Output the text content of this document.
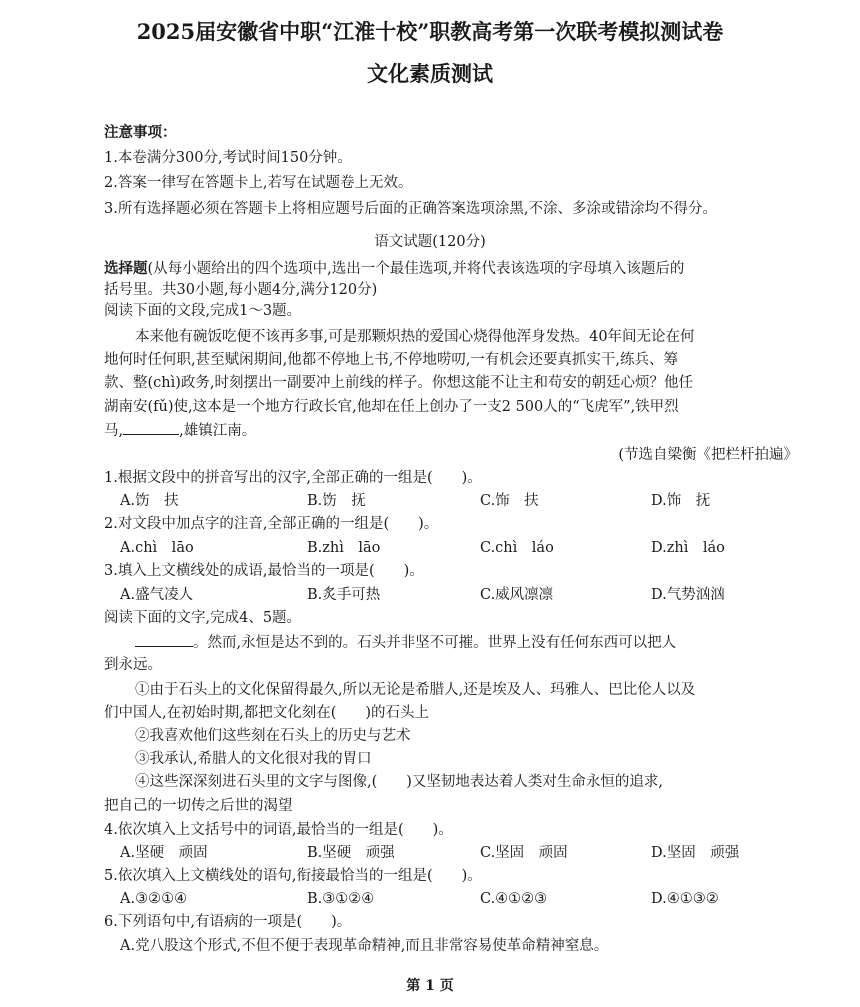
2025届安徽省中职“江淮十校”职教高考第一次联考模拟测试卷
文化素质测试
注意事项：
1.本卷满分300分,考试时间150分钟。
2.答案一律写在答题卡上,若写在试题卷上无效。
3.所有选择题必须在答题卡上将相应题号后面的正确答案选项涂黑,不涂、多涂或错涂均不得分。
语文试题(120分)
选择题(从每小题给出的四个选项中,选出一个最佳选项,并将代表该选项的字母填入该题后的
括号里。共30小题,每小题4分,满分120分)
阅读下面的文段,完成1～3题。
本来他有碗饭吃便不该再多事,可是那颗炽热的爱国心烧得他浑身发热。40年间无论在何
地何时任何职,甚至赋闲期间,他都不停地上书,不停地唠叨,一有机会还要真抓实干,练兵、筹
款、整(chì)政务,时刻摆出一副要冲上前线的样子。你想这能不让主和苟安的朝廷心烦？他任
湖南安(fǔ)使,这本是一个地方行政长官,他却在任上创办了一支2 500人的“飞虎军”,铁甲烈
马,	,雄镇江南。
(节选自梁衡《把栏杆拍遍》
1.根据文段中的拼音写出的汉字,全部正确的一组是(　　)。
A.饬　扶	B.饬　抚	C.饰　扶	D.饰　抚
2.对文段中加点字的注音,全部正确的一组是(　　)。
A.chì　lāo	B.zhì　lāo	C.chì　láo	D.zhì　láo
3.填入上文横线处的成语,最恰当的一项是(　　)。
A.盛气凌人	B.炙手可热	C.威风凛凛	D.气势汹汹
阅读下面的文字,完成4、5题。
。然而,永恒是达不到的。石头并非坚不可摧。世界上没有任何东西可以把人
到永远。
①由于石头上的文化保留得最久,所以无论是希腊人,还是埃及人、玛雅人、巴比伦人以及
们中国人,在初始时期,都把文化刻在(　　)的石头上
②我喜欢他们这些刻在石头上的历史与艺术
③我承认,希腊人的文化很对我的胃口
④这些深深刻进石头里的文字与图像,(　　)又坚韧地表达着人类对生命永恒的追求,
把自己的一切传之后世的渴望
4.依次填入上文括号中的词语,最恰当的一组是(　　)。
A.坚硬　顽固	B.坚硬　顽强	C.坚固　顽固	D.坚固　顽强
5.依次填入上文横线处的语句,衔接最恰当的一组是(　　)。
A.③②①④	B.③①②④	C.④①②③	D.④①③②
6.下列语句中,有语病的一项是(　　)。
A.党八股这个形式,不但不便于表现革命精神,而且非常容易使革命精神窒息。
第 1 页
